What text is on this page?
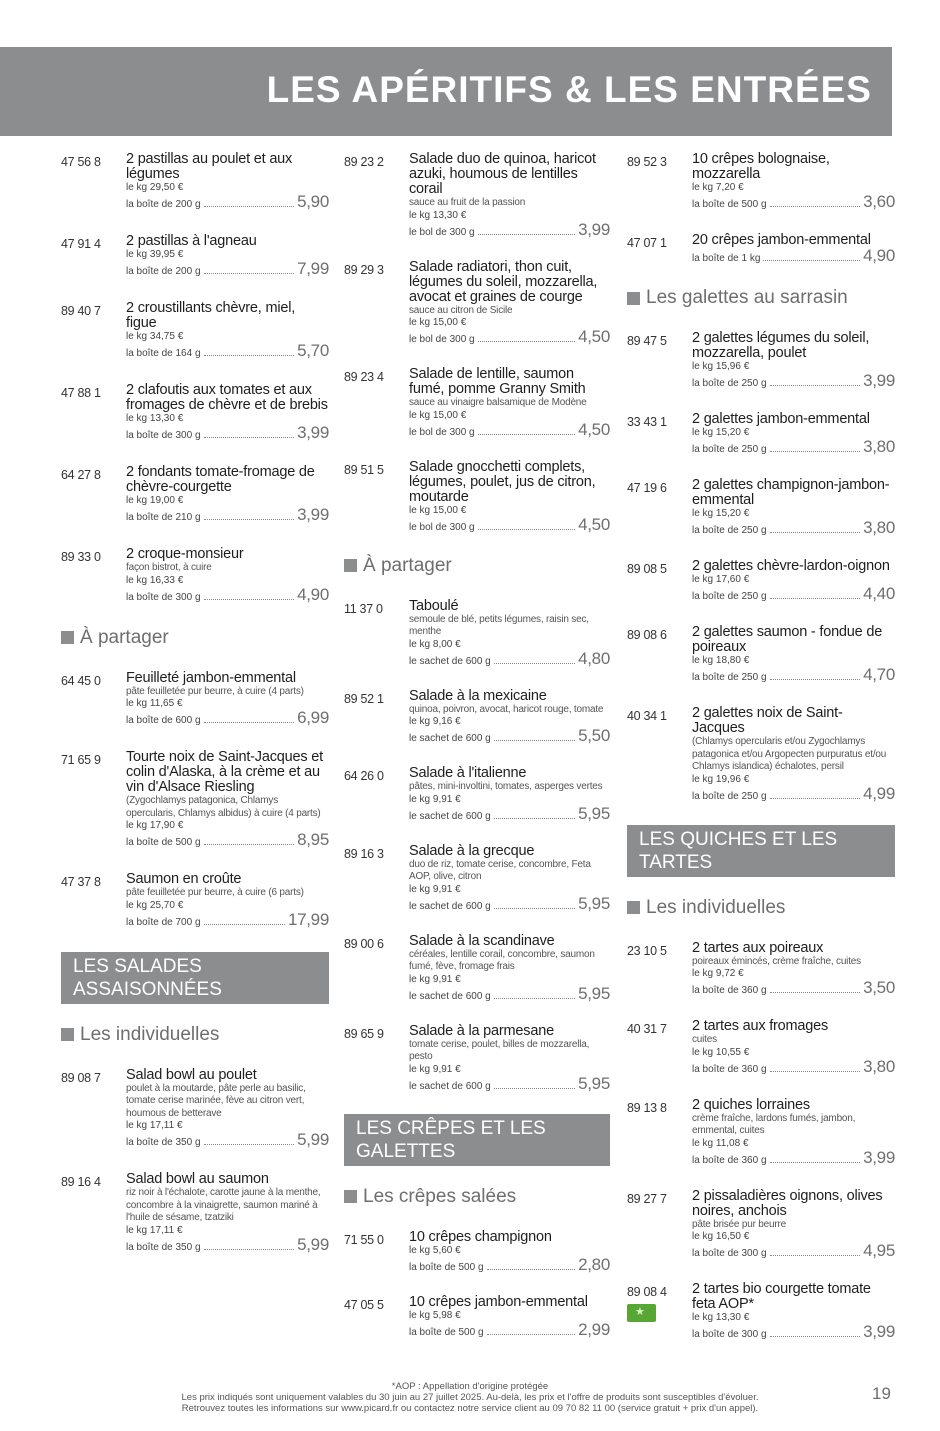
LES APÉRITIFS & LES ENTRÉES
47 56 8 2 pastillas au poulet et aux légumes
le kg 29,50 €
la boîte de 200 g	5,90
47 91 4 2 pastillas à l'agneau
le kg 39,95 €
la boîte de 200 g	7,99
89 40 7 2 croustillants chèvre, miel, figue
le kg 34,75 €
la boîte de 164 g	5,70
47 88 1 2 clafoutis aux tomates et aux fromages de chèvre et de brebis
le kg 13,30 €
la boîte de 300 g	3,99
64 27 8 2 fondants tomate-fromage de chèvre-courgette
le kg 19,00 €
la boîte de 210 g	3,99
89 33 0 2 croque-monsieur
façon bistrot, à cuire
le kg 16,33 €
la boîte de 300 g	4,90
À partager
64 45 0 Feuilleté jambon-emmental
pâte feuilletée pur beurre, à cuire (4 parts)
le kg 11,65 €
la boîte de 600 g	6,99
71 65 9 Tourte noix de Saint-Jacques et colin d'Alaska, à la crème et au vin d'Alsace Riesling
(Zygochlamys patagonica, Chlamys opercularis, Chlamys albidus) à cuire (4 parts)
le kg 17,90 €
la boîte de 500 g	8,95
47 37 8 Saumon en croûte
pâte feuilletée pur beurre, à cuire (6 parts)
le kg 25,70 €
la boîte de 700 g	17,99
LES SALADES ASSAISONNÉES
Les individuelles
89 08 7 Salad bowl au poulet
poulet à la moutarde, pâte perle au basilic, tomate cerise marinée, fève au citron vert, houmous de betterave
le kg 17,11 €
la boîte de 350 g	5,99
89 16 4 Salad bowl au saumon
riz noir à l'échalote, carotte jaune à la menthe, concombre à la vinaigrette, saumon mariné à l'huile de sésame, tzatziki
le kg 17,11 €
la boîte de 350 g	5,99
89 23 2 Salade duo de quinoa, haricot azuki, houmous de lentilles corail
sauce au fruit de la passion
le kg 13,30 €
le bol de 300 g	3,99
89 29 3 Salade radiatori, thon cuit, légumes du soleil, mozzarella, avocat et graines de courge
sauce au citron de Sicile
le kg 15,00 €
le bol de 300 g	4,50
89 23 4 Salade de lentille, saumon fumé, pomme Granny Smith
sauce au vinaigre balsamique de Modène
le kg 15,00 €
le bol de 300 g	4,50
89 51 5 Salade gnocchetti complets, légumes, poulet, jus de citron, moutarde
le kg 15,00 €
le bol de 300 g	4,50
À partager
11 37 0 Taboulé
semoule de blé, petits légumes, raisin sec, menthe
le kg 8,00 €
le sachet de 600 g	4,80
89 52 1 Salade à la mexicaine
quinoa, poivron, avocat, haricot rouge, tomate
le kg 9,16 €
le sachet de 600 g	5,50
64 26 0 Salade à l'italienne
pâtes, mini-involtini, tomates, asperges vertes
le kg 9,91 €
le sachet de 600 g	5,95
89 16 3 Salade à la grecque
duo de riz, tomate cerise, concombre, Feta AOP, olive, citron
le kg 9,91 €
le sachet de 600 g	5,95
89 00 6 Salade à la scandinave
céréales, lentille corail, concombre, saumon fumé, fève, fromage frais
le kg 9,91 €
le sachet de 600 g	5,95
89 65 9 Salade à la parmesane
tomate cerise, poulet, billes de mozzarella, pesto
le kg 9,91 €
le sachet de 600 g	5,95
LES CRÊPES ET LES GALETTES
Les crêpes salées
71 55 0 10 crêpes champignon
le kg 5,60 €
la boîte de 500 g	2,80
47 05 5 10 crêpes jambon-emmental
le kg 5,98 €
la boîte de 500 g	2,99
89 52 3 10 crêpes bolognaise, mozzarella
le kg 7,20 €
la boîte de 500 g	3,60
47 07 1 20 crêpes jambon-emmental
la boîte de 1 kg	4,90
Les galettes au sarrasin
89 47 5 2 galettes légumes du soleil, mozzarella, poulet
le kg 15,96 €
la boîte de 250 g	3,99
33 43 1 2 galettes jambon-emmental
le kg 15,20 €
la boîte de 250 g	3,80
47 19 6 2 galettes champignon-jambon-emmental
le kg 15,20 €
la boîte de 250 g	3,80
89 08 5 2 galettes chèvre-lardon-oignon
le kg 17,60 €
la boîte de 250 g	4,40
89 08 6 2 galettes saumon - fondue de poireaux
le kg 18,80 €
la boîte de 250 g	4,70
40 34 1 2 galettes noix de Saint-Jacques
(Chlamys opercularis et/ou Zygochlamys patagonica et/ou Argopecten purpuratus et/ou Chlamys islandica) échalotes, persil
le kg 19,96 €
la boîte de 250 g	4,99
LES QUICHES ET LES TARTES
Les individuelles
23 10 5 2 tartes aux poireaux
poireaux émincés, crème fraîche, cuites
le kg 9,72 €
la boîte de 360 g	3,50
40 31 7 2 tartes aux fromages
cuites
le kg 10,55 €
la boîte de 360 g	3,80
89 13 8 2 quiches lorraines
crème fraîche, lardons fumés, jambon, emmental, cuites
le kg 11,08 €
la boîte de 360 g	3,99
89 27 7 2 pissaladières oignons, olives noires, anchois
pâte brisée pur beurre
le kg 16,50 €
la boîte de 300 g	4,95
89 08 4
★ 2 tartes bio courgette tomate feta AOP*
le kg 13,30 €
la boîte de 300 g	3,99
*AOP : Appellation d'origine protégée
Les prix indiqués sont uniquement valables du 30 juin au 27 juillet 2025. Au-delà, les prix et l'offre de produits sont susceptibles d'évoluer.
Retrouvez toutes les informations sur www.picard.fr ou contactez notre service client au 09 70 82 11 00 (service gratuit + prix d'un appel).
19
